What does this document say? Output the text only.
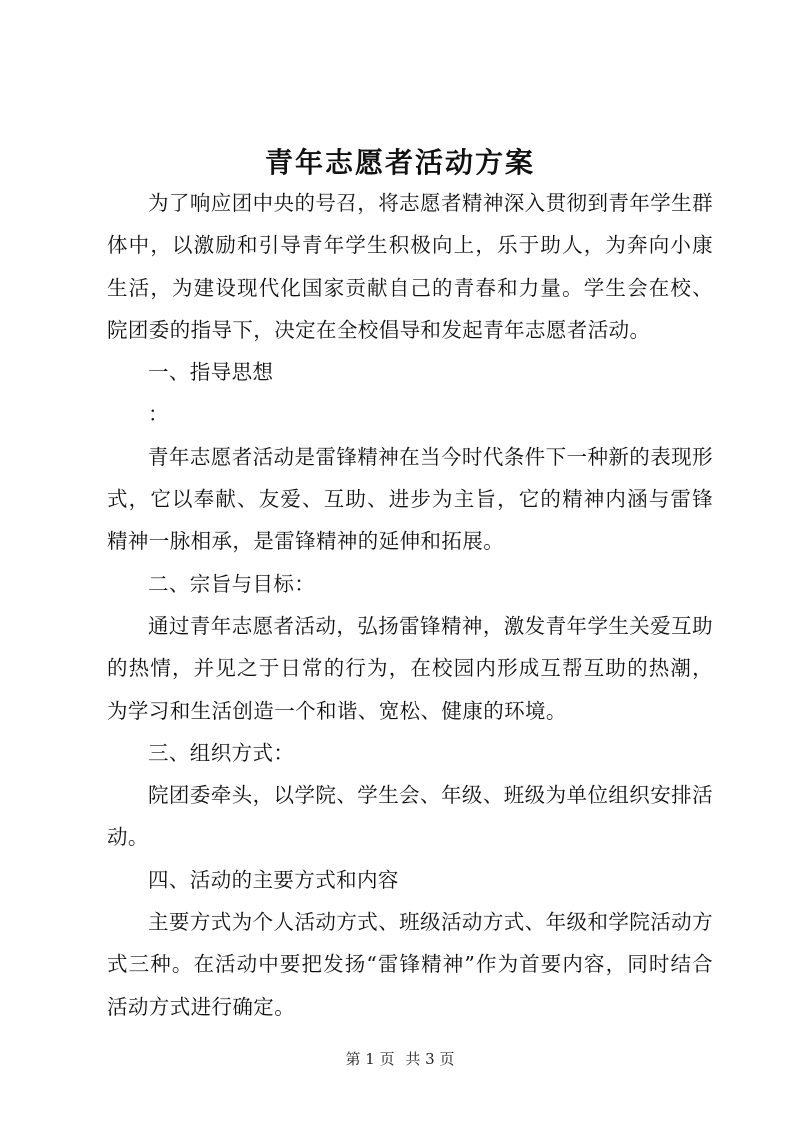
青年志愿者活动方案

为了响应团中央的号召，将志愿者精神深入贯彻到青年学生群体中，以激励和引导青年学生积极向上，乐于助人，为奔向小康生活，为建设现代化国家贡献自己的青春和力量。学生会在校、院团委的指导下，决定在全校倡导和发起青年志愿者活动。

一、指导思想

：

青年志愿者活动是雷锋精神在当今时代条件下一种新的表现形式，它以奉献、友爱、互助、进步为主旨，它的精神内涵与雷锋精神一脉相承，是雷锋精神的延伸和拓展。

二、宗旨与目标：

通过青年志愿者活动，弘扬雷锋精神，激发青年学生关爱互助的热情，并见之于日常的行为，在校园内形成互帮互助的热潮，为学习和生活创造一个和谐、宽松、健康的环境。

三、组织方式：

院团委牵头，以学院、学生会、年级、班级为单位组织安排活动。

四、活动的主要方式和内容

主要方式为个人活动方式、班级活动方式、年级和学院活动方式三种。在活动中要把发扬“雷锋精神”作为首要内容，同时结合活动方式进行确定。

第 1 页 共 3 页
